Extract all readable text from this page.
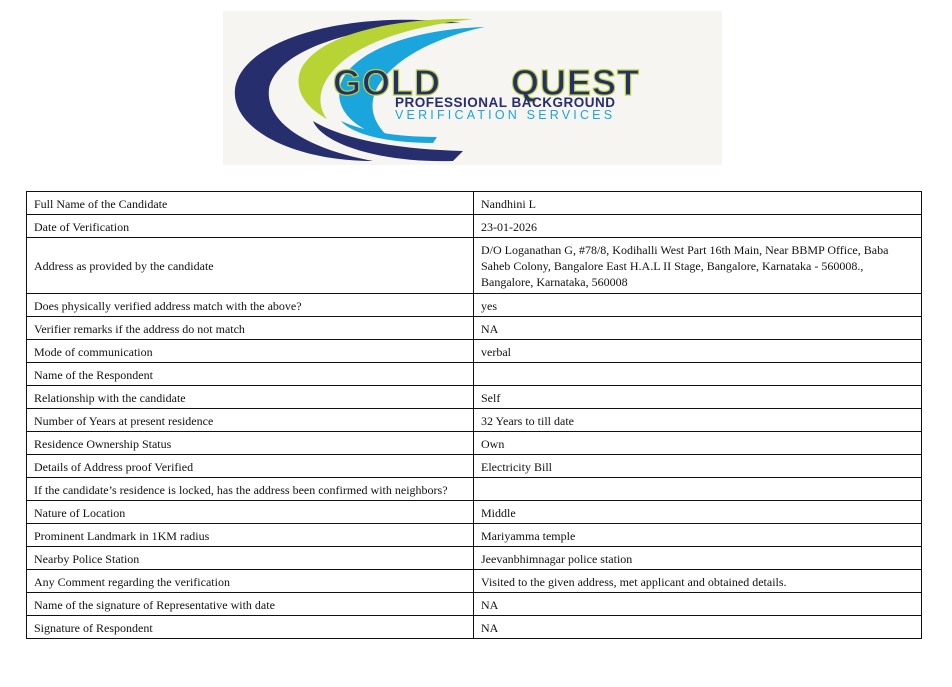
GOLD QUEST
PROFESSIONAL BACKGROUND
VERIFICATION SERVICES
Full Name of the Candidate	Nandhini L
Date of Verification	23-01-2026
Address as provided by the candidate	D/O Loganathan G, #78/8, Kodihalli West Part 16th Main, Near BBMP Office, Baba Saheb Colony, Bangalore East H.A.L II Stage, Bangalore, Karnataka - 560008., Bangalore, Karnataka, 560008
Does physically verified address match with the above?	yes
Verifier remarks if the address do not match	NA
Mode of communication	verbal
Name of the Respondent	
Relationship with the candidate	Self
Number of Years at present residence	32 Years to till date
Residence Ownership Status	Own
Details of Address proof Verified	Electricity Bill
If the candidate’s residence is locked, has the address been confirmed with neighbors?	
Nature of Location	Middle
Prominent Landmark in 1KM radius	Mariyamma temple
Nearby Police Station	Jeevanbhimnagar police station
Any Comment regarding the verification	Visited to the given address, met applicant and obtained details.
Name of the signature of Representative with date	NA
Signature of Respondent	NA
